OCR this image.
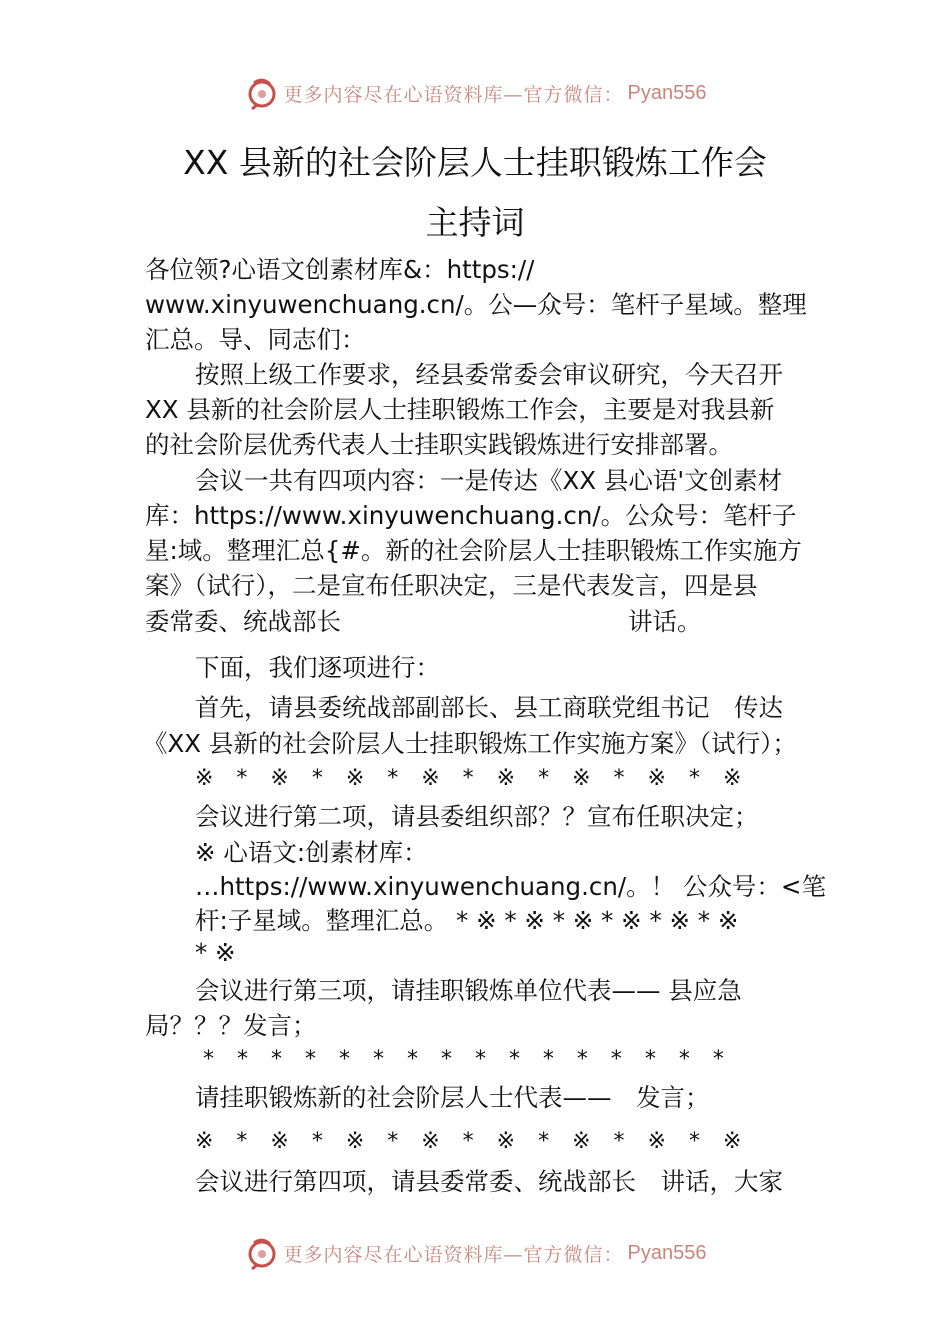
更多内容尽在心语资料库—官方微信： Pyan556
XX 县新的社会阶层人士挂职锻炼工作会
主持词
各位领?心语文创素材库&：https://
www.xinyuwenchuang.cn/。公—众号：笔杆子星域。整理
汇总。导、同志们：
按照上级工作要求，经县委常委会审议研究，今天召开
XX 县新的社会阶层人士挂职锻炼工作会，主要是对我县新
的社会阶层优秀代表人士挂职实践锻炼进行安排部署。
会议一共有四项内容：一是传达《XX 县心语'文创素材
库：https://www.xinyuwenchuang.cn/。公众号：笔杆子
星:域。整理汇总{#。新的社会阶层人士挂职锻炼工作实施方
案》（试行），二是宣布任职决定，三是代表发言，四是县
委常委、统战部长	讲话。
下面，我们逐项进行：
首先，请县委统战部副部长、县工商联党组书记　传达
《XX 县新的社会阶层人士挂职锻炼工作实施方案》（试行）；
※ * ※ * ※ * ※ * ※ * ※ * ※ * ※
会议进行第二项，请县委组织部？？宣布任职决定；
※ 心语文:创素材库：
…https://www.xinyuwenchuang.cn/。！ 公众号：<笔
杆:子星域。整理汇总。 * ※ * ※ * ※ * ※ * ※ * ※
* ※
会议进行第三项，请挂职锻炼单位代表—— 县应急
局？？？发言；
* * * * * * * * * * * * * * * *
请挂职锻炼新的社会阶层人士代表——　发言；
※ * ※ * ※ * ※ * ※ * ※ * ※ * ※
会议进行第四项，请县委常委、统战部长　讲话，大家
更多内容尽在心语资料库—官方微信： Pyan556
